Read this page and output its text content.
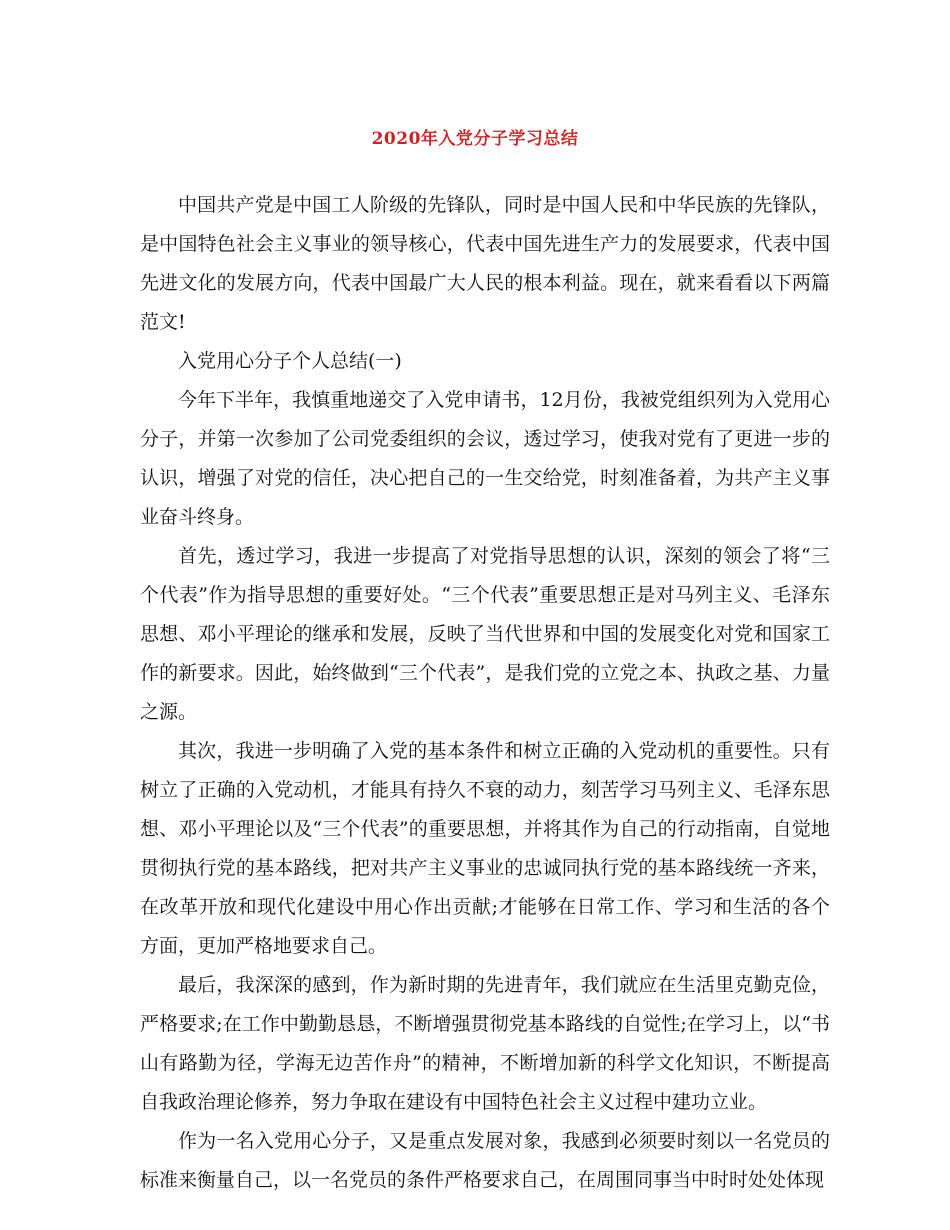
2020年入党分子学习总结

中国共产党是中国工人阶级的先锋队，同时是中国人民和中华民族的先锋队，是中国特色社会主义事业的领导核心，代表中国先进生产力的发展要求，代表中国先进文化的发展方向，代表中国最广大人民的根本利益。现在，就来看看以下两篇范文!

入党用心分子个人总结(一)

今年下半年，我慎重地递交了入党申请书，12月份，我被党组织列为入党用心分子，并第一次参加了公司党委组织的会议，透过学习，使我对党有了更进一步的认识，增强了对党的信任，决心把自己的一生交给党，时刻准备着，为共产主义事业奋斗终身。

首先，透过学习，我进一步提高了对党指导思想的认识，深刻的领会了将“三个代表”作为指导思想的重要好处。“三个代表”重要思想正是对马列主义、毛泽东思想、邓小平理论的继承和发展，反映了当代世界和中国的发展变化对党和国家工作的新要求。因此，始终做到“三个代表”，是我们党的立党之本、执政之基、力量之源。

其次，我进一步明确了入党的基本条件和树立正确的入党动机的重要性。只有树立了正确的入党动机，才能具有持久不衰的动力，刻苦学习马列主义、毛泽东思想、邓小平理论以及“三个代表”的重要思想，并将其作为自己的行动指南，自觉地贯彻执行党的基本路线，把对共产主义事业的忠诚同执行党的基本路线统一齐来，在改革开放和现代化建设中用心作出贡献;才能够在日常工作、学习和生活的各个方面，更加严格地要求自己。

最后，我深深的感到，作为新时期的先进青年，我们就应在生活里克勤克俭，严格要求;在工作中勤勤恳恳，不断增强贯彻党基本路线的自觉性;在学习上，以“书山有路勤为径，学海无边苦作舟”的精神，不断增加新的科学文化知识，不断提高自我政治理论修养，努力争取在建设有中国特色社会主义过程中建功立业。

作为一名入党用心分子，又是重点发展对象，我感到必须要时刻以一名党员的标准来衡量自己，以一名党员的条件严格要求自己，在周围同事当中时时处处体现
